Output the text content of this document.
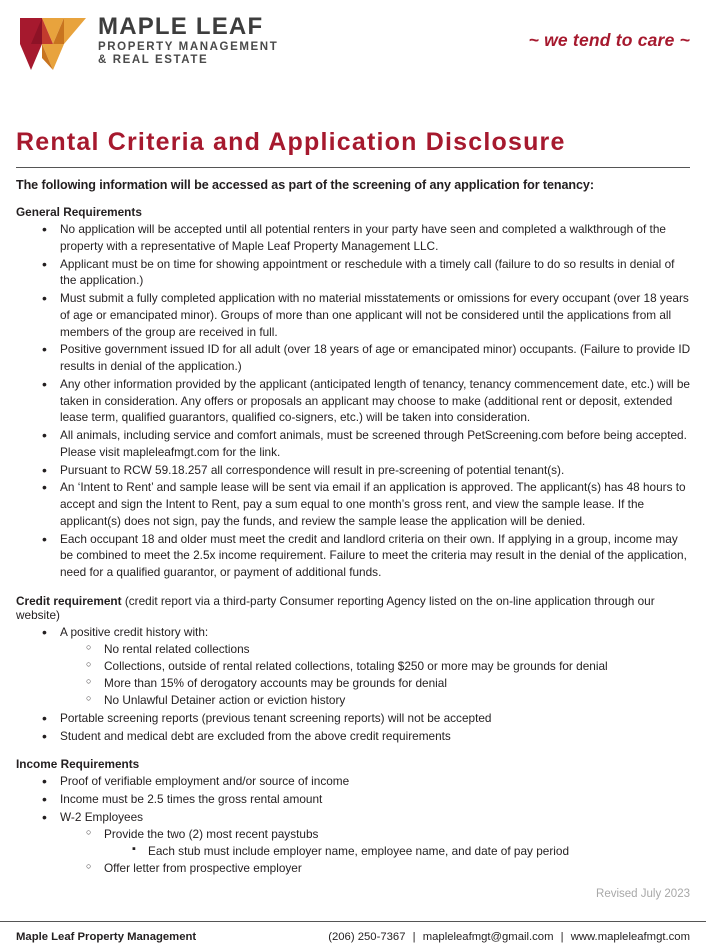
MAPLE LEAF
PROPERTY MANAGEMENT
& REAL ESTATE
~ we tend to care ~
Rental Criteria and Application Disclosure
The following information will be accessed as part of the screening of any application for tenancy:
General Requirements
• No application will be accepted until all potential renters in your party have seen and completed a walkthrough of the property with a representative of Maple Leaf Property Management LLC.
• Applicant must be on time for showing appointment or reschedule with a timely call (failure to do so results in denial of the application.)
• Must submit a fully completed application with no material misstatements or omissions for every occupant (over 18 years of age or emancipated minor). Groups of more than one applicant will not be considered until the applications from all members of the group are received in full.
• Positive government issued ID for all adult (over 18 years of age or emancipated minor) occupants. (Failure to provide ID results in denial of the application.)
• Any other information provided by the applicant (anticipated length of tenancy, tenancy commencement date, etc.) will be taken in consideration. Any offers or proposals an applicant may choose to make (additional rent or deposit, extended lease term, qualified guarantors, qualified co-signers, etc.) will be taken into consideration.
• All animals, including service and comfort animals, must be screened through PetScreening.com before being accepted. Please visit mapleleafmgt.com for the link.
• Pursuant to RCW 59.18.257 all correspondence will result in pre-screening of potential tenant(s).
• An ‘Intent to Rent’ and sample lease will be sent via email if an application is approved. The applicant(s) has 48 hours to accept and sign the Intent to Rent, pay a sum equal to one month’s gross rent, and view the sample lease. If the applicant(s) does not sign, pay the funds, and review the sample lease the application will be denied.
• Each occupant 18 and older must meet the credit and landlord criteria on their own. If applying in a group, income may be combined to meet the 2.5x income requirement. Failure to meet the criteria may result in the denial of the application, need for a qualified guarantor, or payment of additional funds.
Credit requirement (credit report via a third-party Consumer reporting Agency listed on the on-line application through our website)
• A positive credit history with:
○ No rental related collections
○ Collections, outside of rental related collections, totaling $250 or more may be grounds for denial
○ More than 15% of derogatory accounts may be grounds for denial
○ No Unlawful Detainer action or eviction history
• Portable screening reports (previous tenant screening reports) will not be accepted
• Student and medical debt are excluded from the above credit requirements
Income Requirements
• Proof of verifiable employment and/or source of income
• Income must be 2.5 times the gross rental amount
• W-2 Employees
○ Provide the two (2) most recent paystubs
▪ Each stub must include employer name, employee name, and date of pay period
○ Offer letter from prospective employer
Revised July 2023
Maple Leaf Property Management	(206) 250-7367 | mapleleafmgt@gmail.com | www.mapleleafmgt.com
